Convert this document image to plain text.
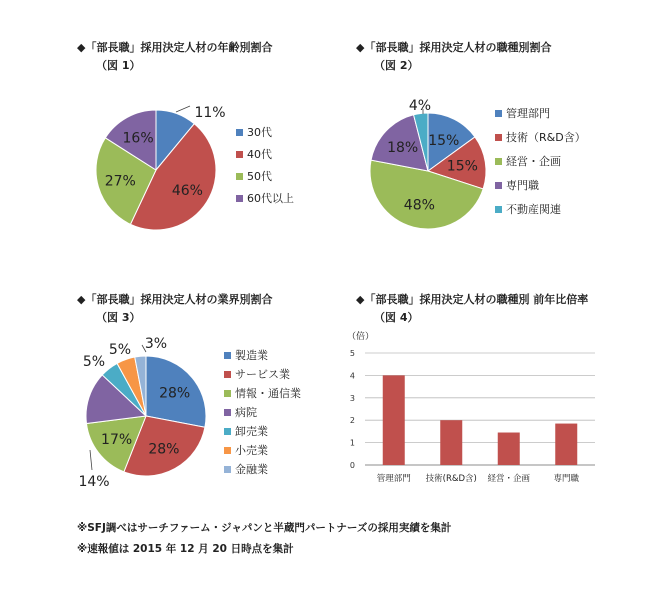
◆「部長職」採用決定人材の年齢別割合
（図 1）
11%
46%
27%
16%	30代
40代
50代
60代以上
◆「部長職」採用決定人材の職種別割合
（図 2）
15%
15%
48%
18%
4%	管理部門
技術（R&D含）
経営・企画
専門職
不動産関連
◆「部長職」採用決定人材の業界別割合
（図 3）
28%
28%
17%
14%
5%
5% 3%
製造業
サービス業
情報・通信業
病院
卸売業
小売業
金融業
◆「部長職」採用決定人材の職種別 前年比倍率
（図 4）
（倍）
0
1
2
3
4
5
管理部門 技術(R&D含) 経営・企画	専門職
※SFJ調べはサーチファーム・ジャパンと半蔵門パートナーズの採用実績を集計
※速報値は 2015 年 12 月 20 日時点を集計
